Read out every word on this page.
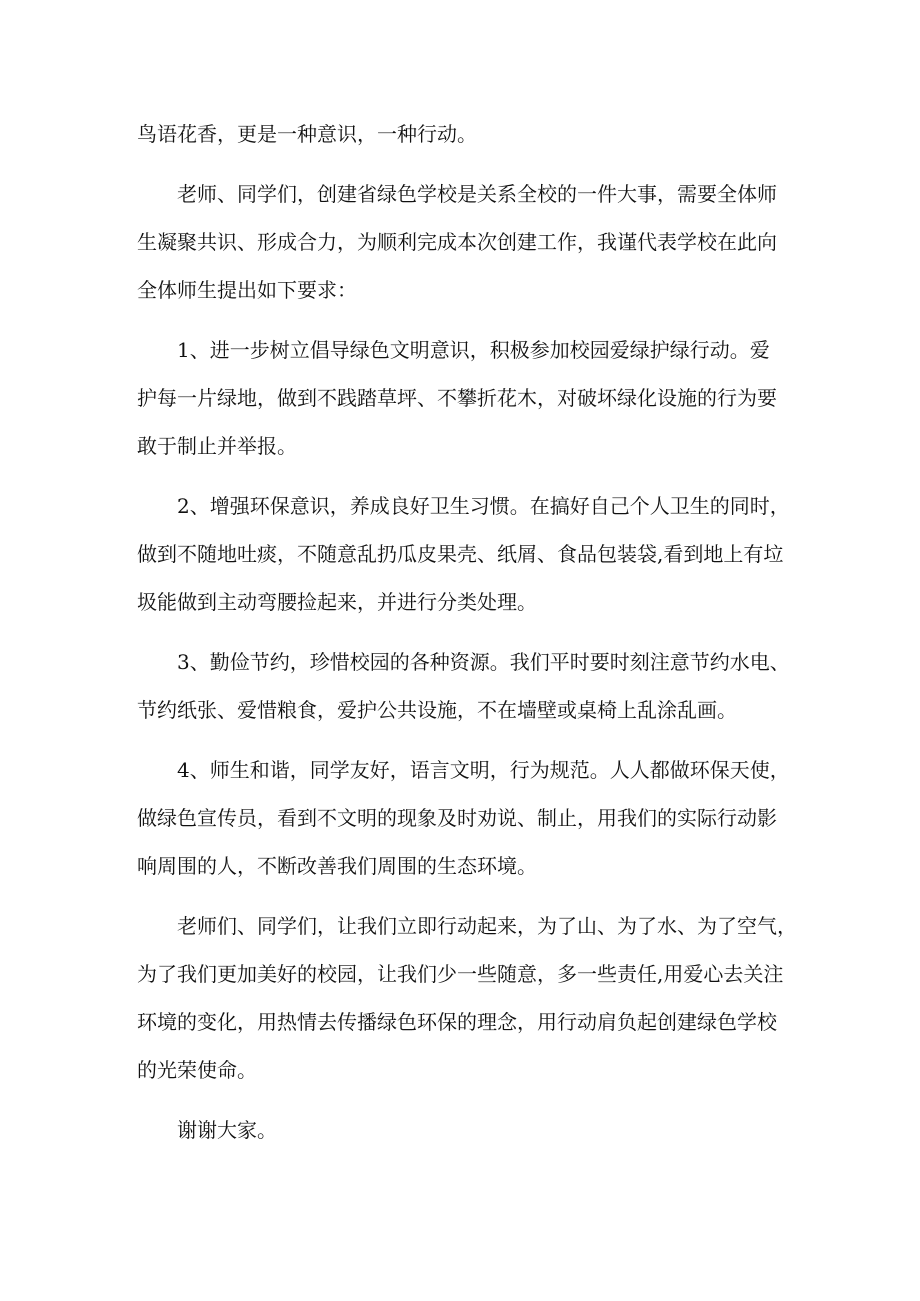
鸟语花香，更是一种意识，一种行动。

老师、同学们，创建省绿色学校是关系全校的一件大事，需要全体师
生凝聚共识、形成合力，为顺利完成本次创建工作，我谨代表学校在此向
全体师生提出如下要求：

1、进一步树立倡导绿色文明意识，积极参加校园爱绿护绿行动。爱
护每一片绿地，做到不践踏草坪、不攀折花木，对破坏绿化设施的行为要
敢于制止并举报。

2、增强环保意识，养成良好卫生习惯。在搞好自己个人卫生的同时，
做到不随地吐痰，不随意乱扔瓜皮果壳、纸屑、食品包装袋,看到地上有垃
圾能做到主动弯腰捡起来，并进行分类处理。

3、勤俭节约，珍惜校园的各种资源。我们平时要时刻注意节约水电、
节约纸张、爱惜粮食，爱护公共设施，不在墙壁或桌椅上乱涂乱画。

4、师生和谐，同学友好，语言文明，行为规范。人人都做环保天使，
做绿色宣传员，看到不文明的现象及时劝说、制止，用我们的实际行动影
响周围的人，不断改善我们周围的生态环境。

老师们、同学们，让我们立即行动起来，为了山、为了水、为了空气，
为了我们更加美好的校园，让我们少一些随意，多一些责任,用爱心去关注
环境的变化，用热情去传播绿色环保的理念，用行动肩负起创建绿色学校
的光荣使命。

谢谢大家。
